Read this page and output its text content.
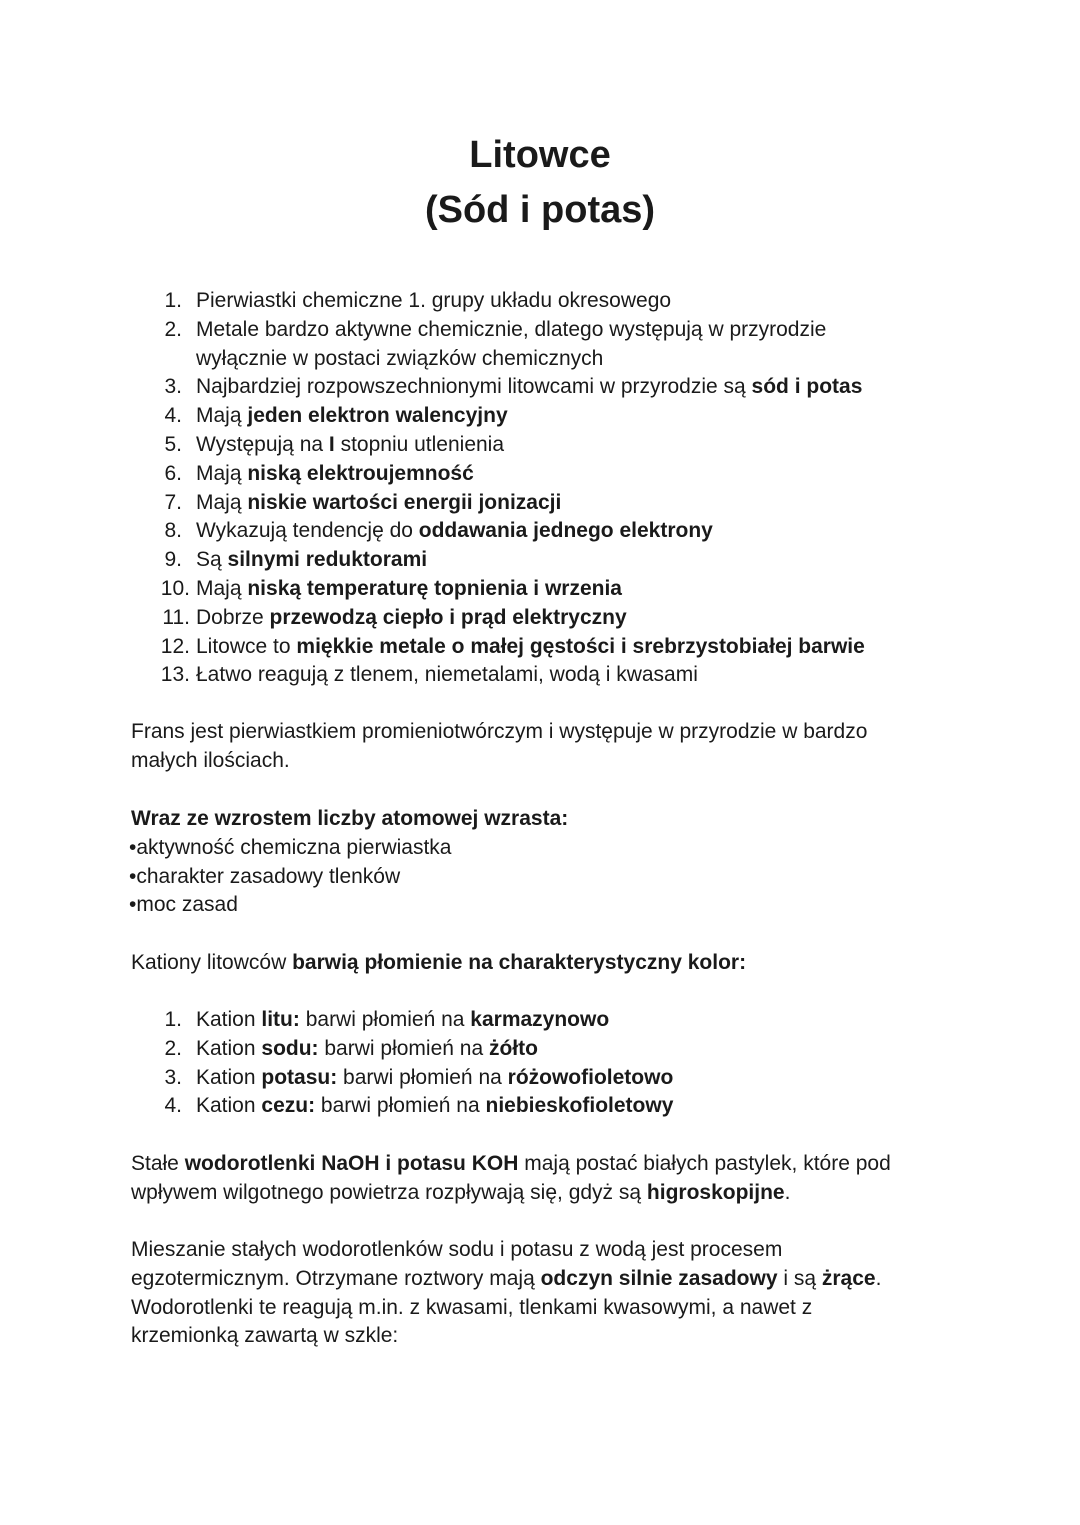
Litowce
(Sód i potas)
1. Pierwiastki chemiczne 1. grupy układu okresowego
2. Metale bardzo aktywne chemicznie, dlatego występują w przyrodzie wyłącznie w postaci związków chemicznych
3. Najbardziej rozpowszechnionymi litowcami w przyrodzie są sód i potas
4. Mają jeden elektron walencyjny
5. Występują na I stopniu utlenienia
6. Mają niską elektroujemność
7. Mają niskie wartości energii jonizacji
8. Wykazują tendencję do oddawania jednego elektrony
9. Są silnymi reduktorami
10. Mają niską temperaturę topnienia i wrzenia
11. Dobrze przewodzą ciepło i prąd elektryczny
12. Litowce to miękkie metale o małej gęstości i srebrzystobiałej barwie
13. Łatwo reagują z tlenem, niemetalami, wodą i kwasami
Frans jest pierwiastkiem promieniotwórczym i występuje w przyrodzie w bardzo
małych ilościach.
Wraz ze wzrostem liczby atomowej wzrasta:
•aktywność chemiczna pierwiastka
•charakter zasadowy tlenków
•moc zasad
Kationy litowców barwią płomienie na charakterystyczny kolor:
1. Kation litu: barwi płomień na karmazynowo
2. Kation sodu: barwi płomień na żółto
3. Kation potasu: barwi płomień na różowofioletowo
4. Kation cezu: barwi płomień na niebieskofioletowy
Stałe wodorotlenki NaOH i potasu KOH mają postać białych pastylek, które pod
wpływem wilgotnego powietrza rozpływają się, gdyż są higroskopijne.
Mieszanie stałych wodorotlenków sodu i potasu z wodą jest procesem
egzotermicznym. Otrzymane roztwory mają odczyn silnie zasadowy i są żrące.
Wodorotlenki te reagują m.in. z kwasami, tlenkami kwasowymi, a nawet z
krzemionką zawartą w szkle:
